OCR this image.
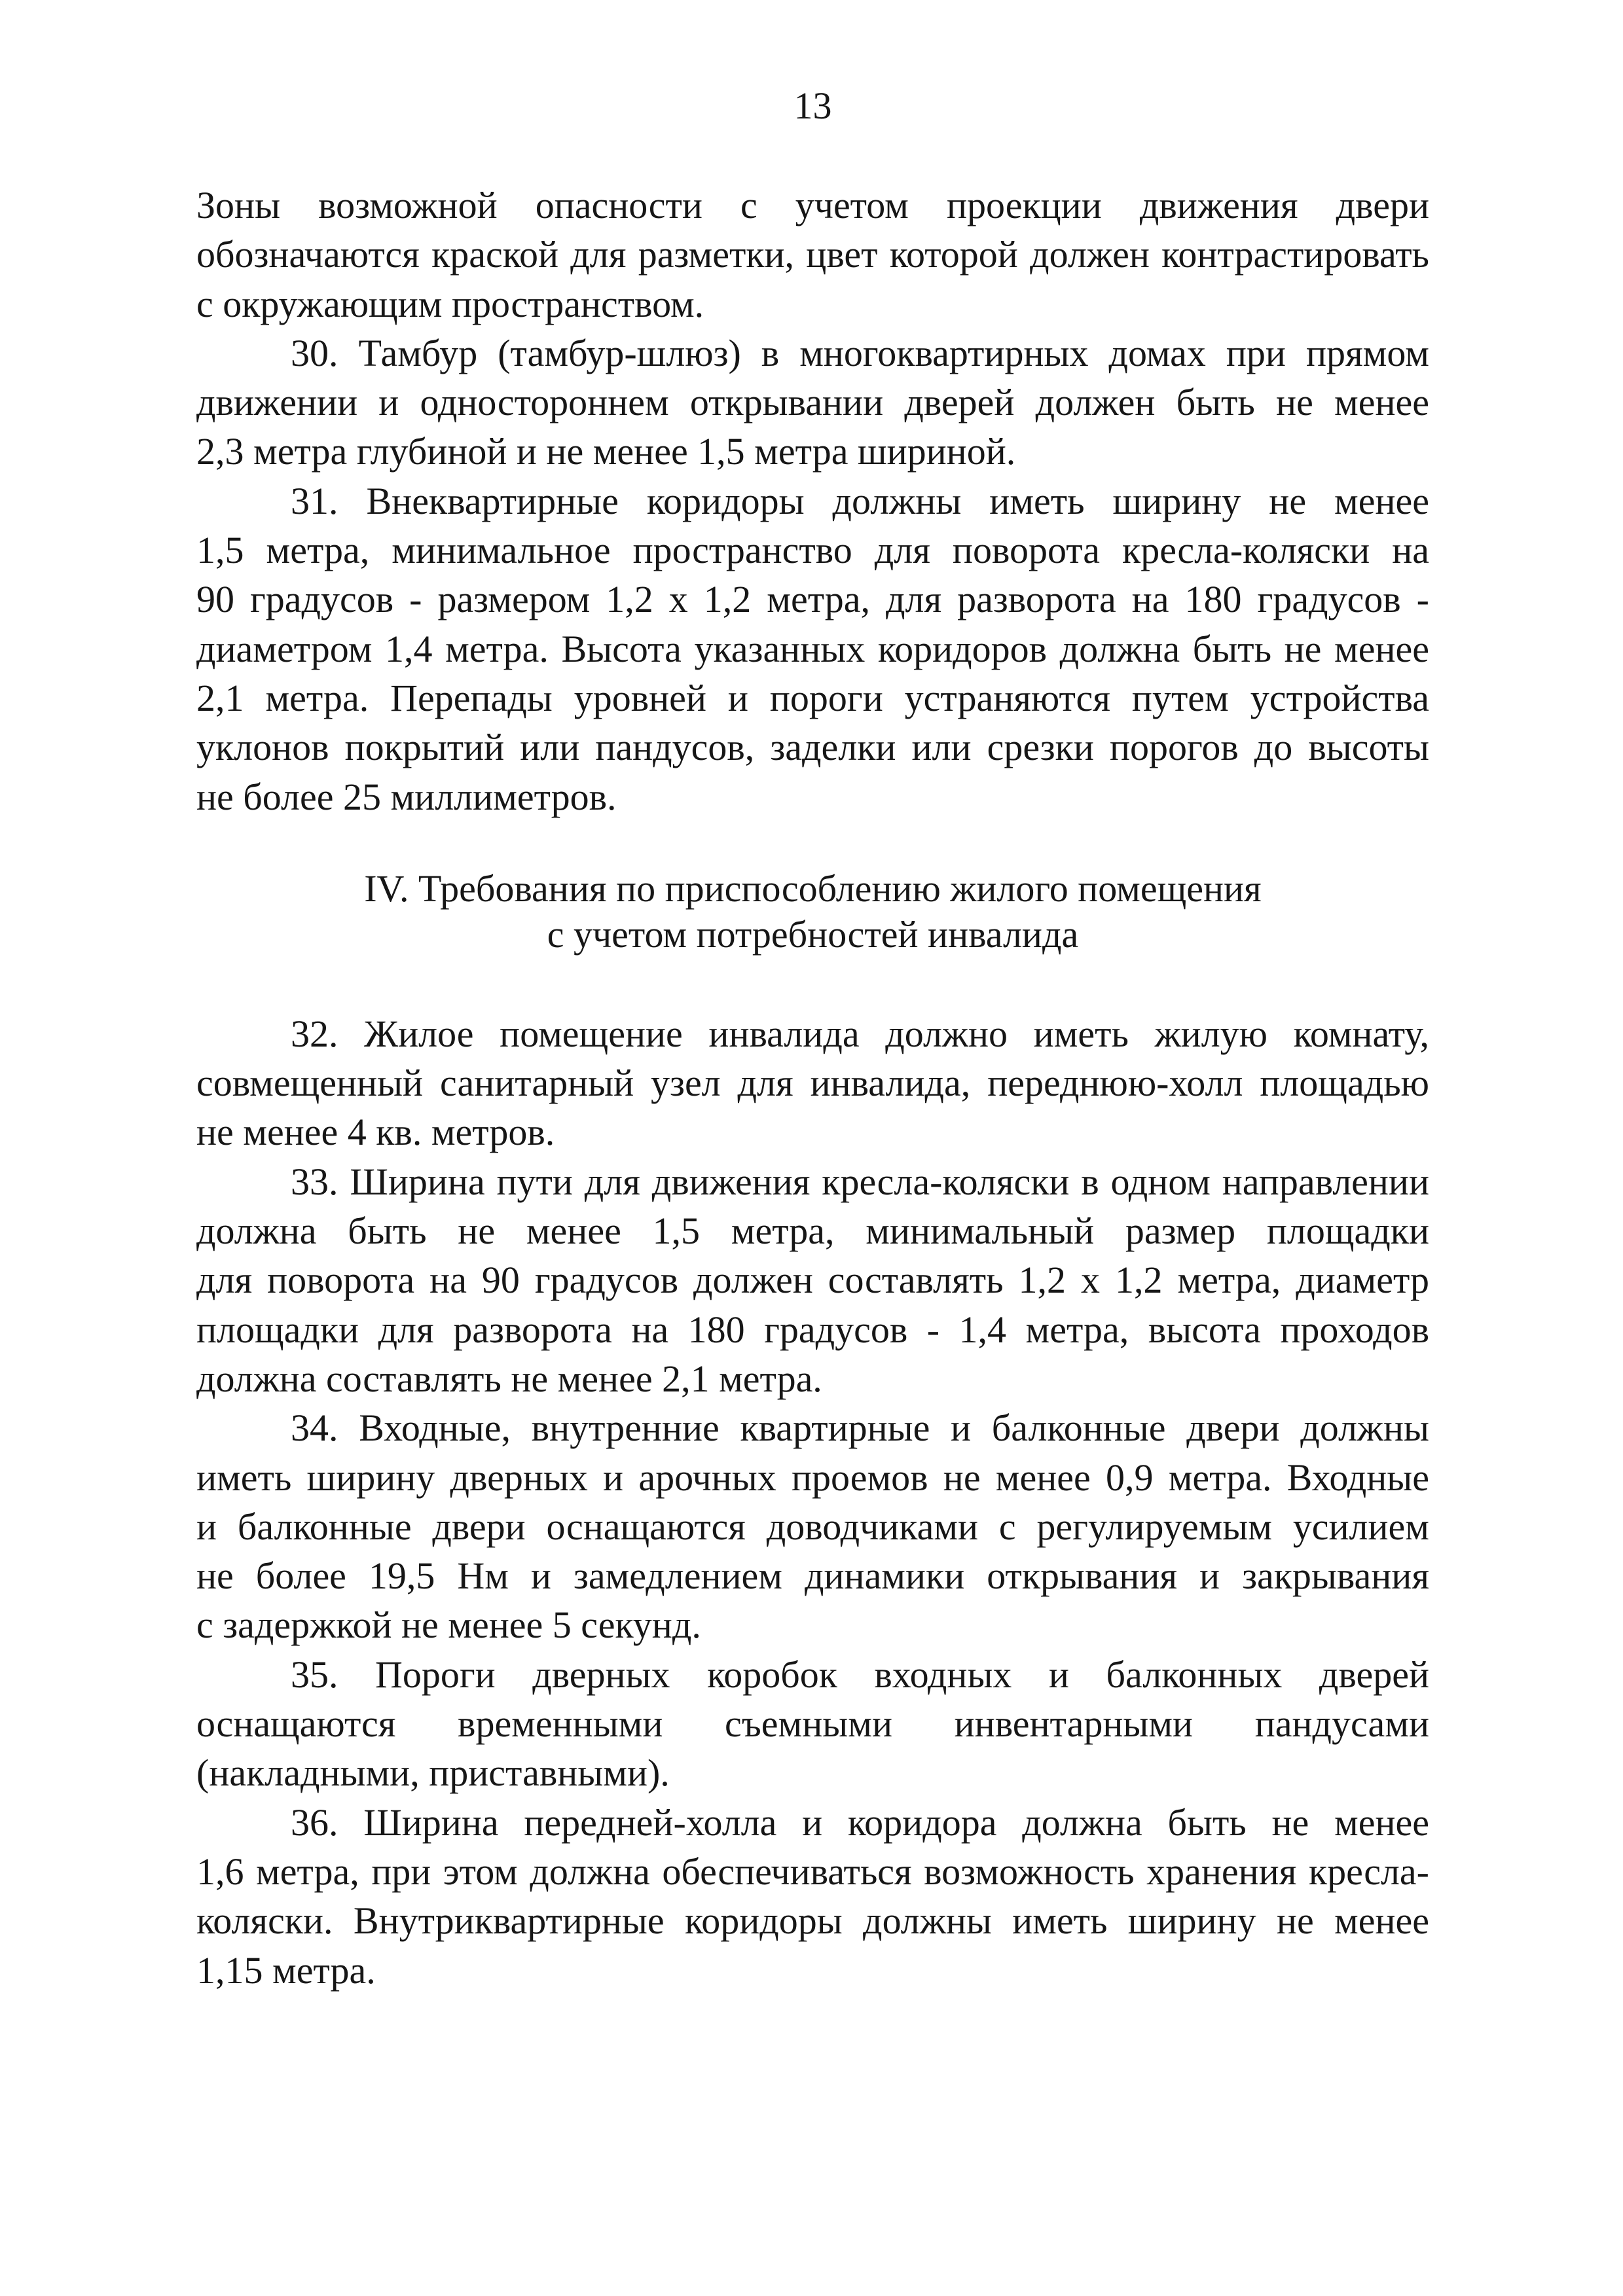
13
Зоны возможной опасности с учетом проекции движения двери
обозначаются краской для разметки, цвет которой должен контрастировать
с окружающим пространством.
30. Тамбур (тамбур-шлюз) в многоквартирных домах при прямом
движении и одностороннем открывании дверей должен быть не менее
2,3 метра глубиной и не менее 1,5 метра шириной.
31. Внеквартирные коридоры должны иметь ширину не менее
1,5 метра, минимальное пространство для поворота кресла-коляски на
90 градусов - размером 1,2 х 1,2 метра, для разворота на 180 градусов -
диаметром 1,4 метра. Высота указанных коридоров должна быть не менее
2,1 метра. Перепады уровней и пороги устраняются путем устройства
уклонов покрытий или пандусов, заделки или срезки порогов до высоты
не более 25 миллиметров.
IV. Требования по приспособлению жилого помещения
с учетом потребностей инвалида
32. Жилое помещение инвалида должно иметь жилую комнату,
совмещенный санитарный узел для инвалида, переднюю-холл площадью
не менее 4 кв. метров.
33. Ширина пути для движения кресла-коляски в одном направлении
должна быть не менее 1,5 метра, минимальный размер площадки
для поворота на 90 градусов должен составлять 1,2 х 1,2 метра, диаметр
площадки для разворота на 180 градусов - 1,4 метра, высота проходов
должна составлять не менее 2,1 метра.
34. Входные, внутренние квартирные и балконные двери должны
иметь ширину дверных и арочных проемов не менее 0,9 метра. Входные
и балконные двери оснащаются доводчиками с регулируемым усилием
не более 19,5 Нм и замедлением динамики открывания и закрывания
с задержкой не менее 5 секунд.
35. Пороги дверных коробок входных и балконных дверей
оснащаются временными съемными инвентарными пандусами
(накладными, приставными).
36. Ширина передней-холла и коридора должна быть не менее
1,6 метра, при этом должна обеспечиваться возможность хранения кресла-
коляски. Внутриквартирные коридоры должны иметь ширину не менее
1,15 метра.
